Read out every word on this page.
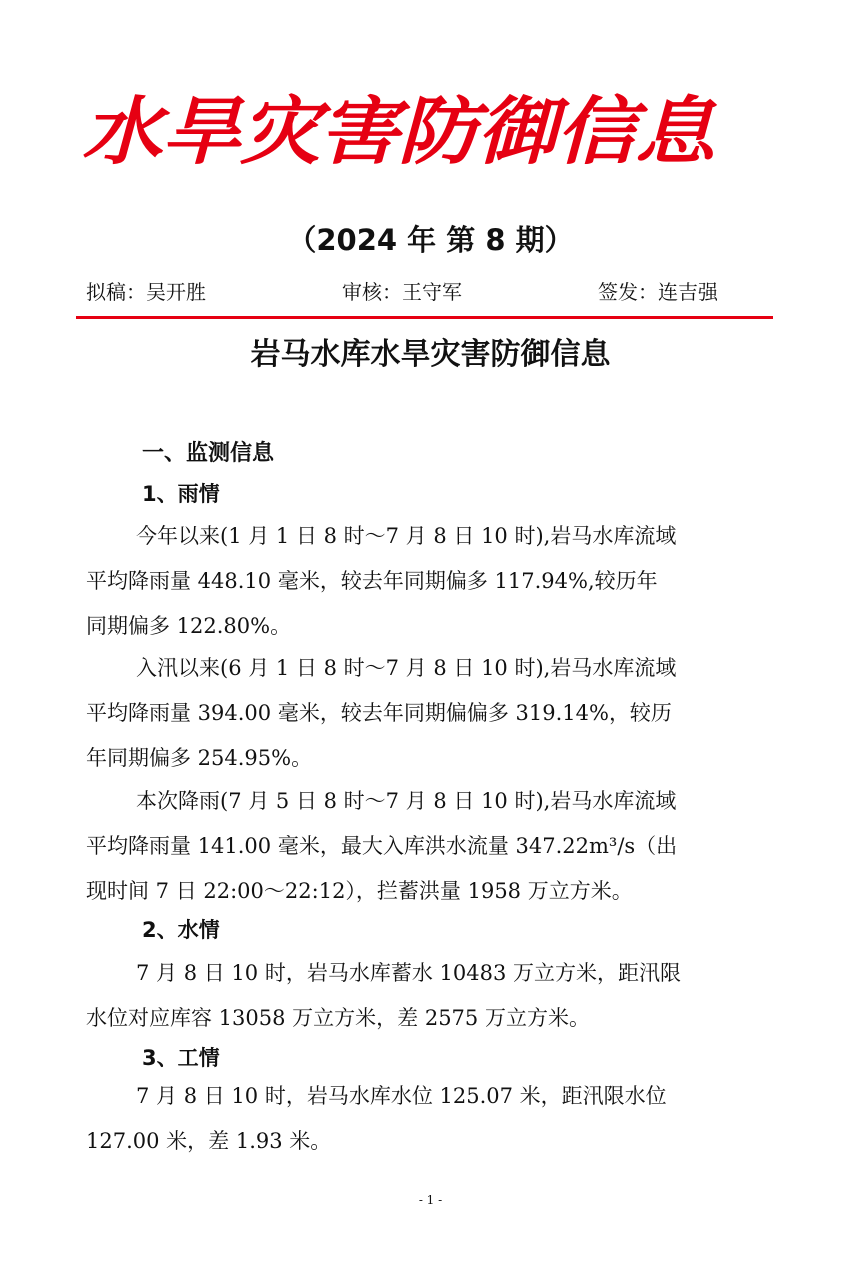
水旱灾害防御信息
（2024 年 第 8 期）
拟稿：吴开胜	审核：王守军	签发：连吉强
岩马水库水旱灾害防御信息
一、监测信息
1、雨情
今年以来(1 月 1 日 8 时～7 月 8 日 10 时),岩马水库流域
平均降雨量 448.10 毫米，较去年同期偏多 117.94%,较历年
同期偏多 122.80%。
入汛以来(6 月 1 日 8 时～7 月 8 日 10 时),岩马水库流域
平均降雨量 394.00 毫米，较去年同期偏偏多 319.14%，较历
年同期偏多 254.95%。
本次降雨(7 月 5 日 8 时～7 月 8 日 10 时),岩马水库流域
平均降雨量 141.00 毫米，最大入库洪水流量 347.22m³/s（出
现时间 7 日 22:00～22:12），拦蓄洪量 1958 万立方米。
2、水情
7 月 8 日 10 时，岩马水库蓄水 10483 万立方米，距汛限
水位对应库容 13058 万立方米，差 2575 万立方米。
3、工情
7 月 8 日 10 时，岩马水库水位 125.07 米，距汛限水位
127.00 米，差 1.93 米。
- 1 -
